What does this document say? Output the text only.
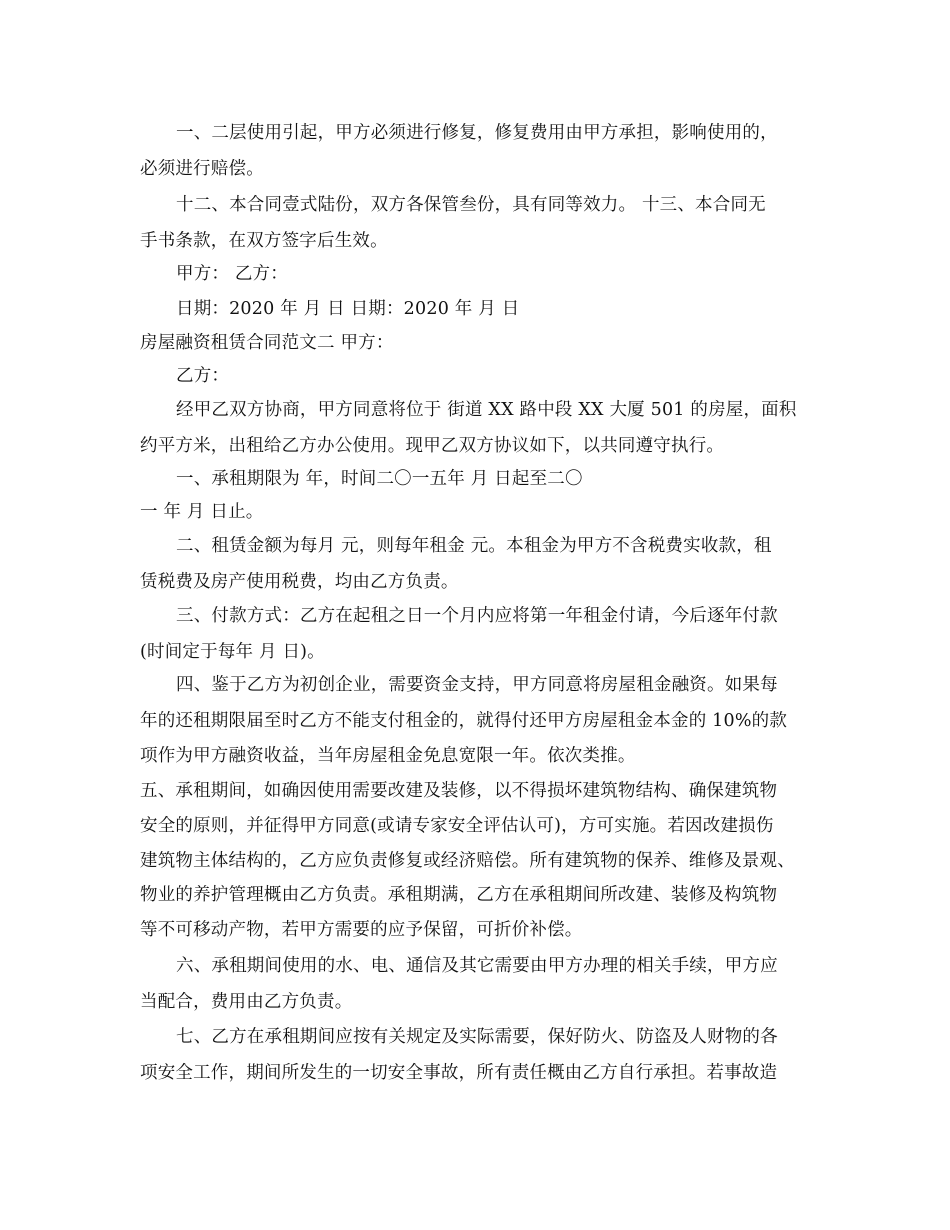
一、二层使用引起，甲方必须进行修复，修复费用由甲方承担，影响使用的，
必须进行赔偿。
十二、本合同壹式陆份，双方各保管叁份，具有同等效力。 十三、本合同无
手书条款，在双方签字后生效。
甲方： 乙方：
日期：2020 年 月 日 日期：2020 年 月 日
房屋融资租赁合同范文二 甲方：
乙方：
经甲乙双方协商，甲方同意将位于 街道 XX 路中段 XX 大厦 501 的房屋，面积
约平方米，出租给乙方办公使用。现甲乙双方协议如下，以共同遵守执行。
一、承租期限为 年，时间二〇一五年 月 日起至二〇
一 年 月 日止。
二、租赁金额为每月 元，则每年租金 元。本租金为甲方不含税费实收款，租
赁税费及房产使用税费，均由乙方负责。
三、付款方式：乙方在起租之日一个月内应将第一年租金付请，今后逐年付款
(时间定于每年 月 日)。
四、鉴于乙方为初创企业，需要资金支持，甲方同意将房屋租金融资。如果每
年的还租期限届至时乙方不能支付租金的，就得付还甲方房屋租金本金的 10%的款
项作为甲方融资收益，当年房屋租金免息宽限一年。依次类推。
五、承租期间，如确因使用需要改建及装修，以不得损坏建筑物结构、确保建筑物
安全的原则，并征得甲方同意(或请专家安全评估认可)，方可实施。若因改建损伤
建筑物主体结构的，乙方应负责修复或经济赔偿。所有建筑物的保养、维修及景观、
物业的养护管理概由乙方负责。承租期满，乙方在承租期间所改建、装修及构筑物
等不可移动产物，若甲方需要的应予保留，可折价补偿。
六、承租期间使用的水、电、通信及其它需要由甲方办理的相关手续，甲方应
当配合，费用由乙方负责。
七、乙方在承租期间应按有关规定及实际需要，保好防火、防盗及人财物的各
项安全工作，期间所发生的一切安全事故，所有责任概由乙方自行承担。若事故造
